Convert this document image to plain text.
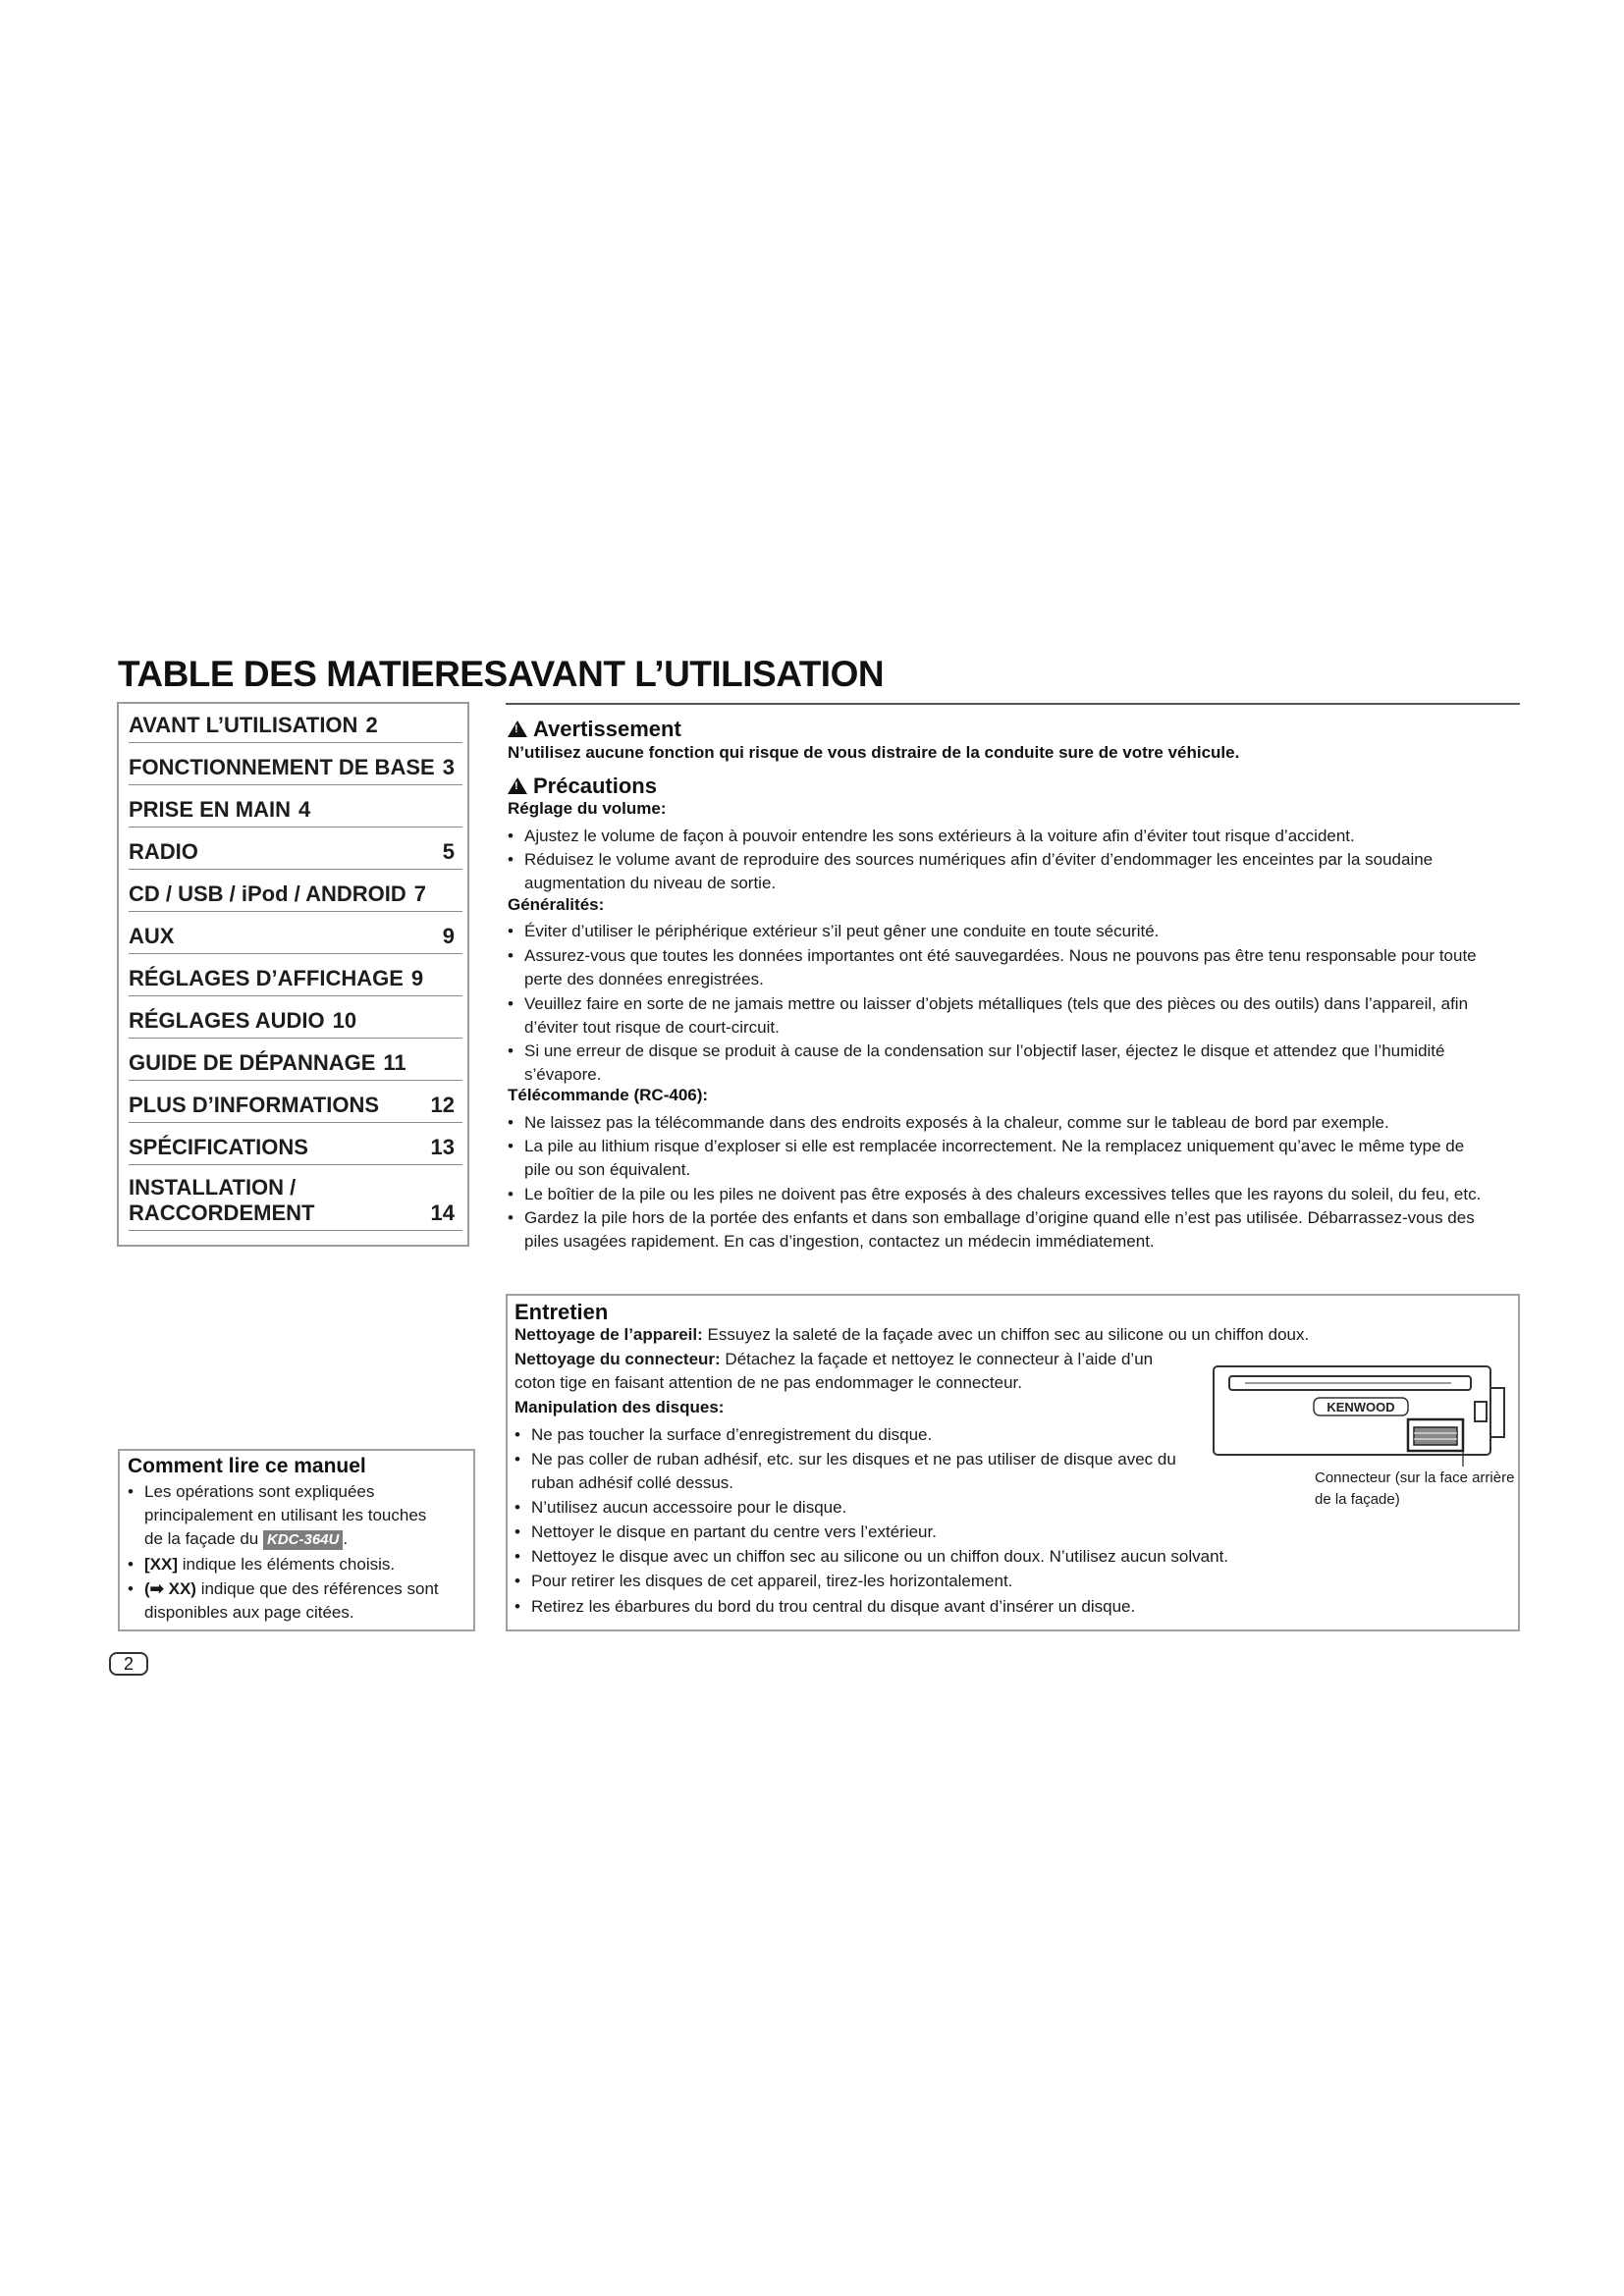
TABLE DES MATIERES
AVANT L’UTILISATION 2
FONCTIONNEMENT DE BASE 3
PRISE EN MAIN 4
RADIO	5
CD / USB / iPod / ANDROID 7
AUX	9
RÉGLAGES D’AFFICHAGE 9
RÉGLAGES AUDIO 10
GUIDE DE DÉPANNAGE 11
PLUS D’INFORMATIONS 12
SPÉCIFICATIONS	13
INSTALLATION /
RACCORDEMENT	14
AVANT L’UTILISATION
!Avertissement
N’utilisez aucune fonction qui risque de vous distraire de la conduite sure de votre véhicule.
!Précautions
Réglage du volume:
• Ajustez le volume de façon à pouvoir entendre les sons extérieurs à la voiture afin d’éviter tout risque d’accident.
• Réduisez le volume avant de reproduire des sources numériques afin d’éviter d’endommager les enceintes par la soudaine
augmentation du niveau de sortie.
Généralités:
• Éviter d’utiliser le périphérique extérieur s’il peut gêner une conduite en toute sécurité.
• Assurez-vous que toutes les données importantes ont été sauvegardées. Nous ne pouvons pas être tenu responsable pour toute
perte des données enregistrées.
• Veuillez faire en sorte de ne jamais mettre ou laisser d’objets métalliques (tels que des pièces ou des outils) dans l’appareil, afin
d’éviter tout risque de court-circuit.
• Si une erreur de disque se produit à cause de la condensation sur l’objectif laser, éjectez le disque et attendez que l’humidité
s’évapore.
Télécommande (RC-406):
• Ne laissez pas la télécommande dans des endroits exposés à la chaleur, comme sur le tableau de bord par exemple.
• La pile au lithium risque d’exploser si elle est remplacée incorrectement. Ne la remplacez uniquement qu’avec le même type de
pile ou son équivalent.
• Le boîtier de la pile ou les piles ne doivent pas être exposés à des chaleurs excessives telles que les rayons du soleil, du feu, etc.
• Gardez la pile hors de la portée des enfants et dans son emballage d’origine quand elle n’est pas utilisée. Débarrassez-vous des
piles usagées rapidement. En cas d’ingestion, contactez un médecin immédiatement.
Entretien
Nettoyage de l’appareil: Essuyez la saleté de la façade avec un chiffon sec au silicone ou un chiffon doux.
Nettoyage du connecteur: Détachez la façade et nettoyez le connecteur à l’aide d’un
coton tige en faisant attention de ne pas endommager le connecteur.
Manipulation des disques:
• Ne pas toucher la surface d’enregistrement du disque.
• Ne pas coller de ruban adhésif, etc. sur les disques et ne pas utiliser de disque avec du
ruban adhésif collé dessus.
• N’utilisez aucun accessoire pour le disque.
• Nettoyer le disque en partant du centre vers l’extérieur.
• Nettoyez le disque avec un chiffon sec au silicone ou un chiffon doux. N’utilisez aucun solvant.
• Pour retirer les disques de cet appareil, tirez-les horizontalement.
• Retirez les ébarbures du bord du trou central du disque avant d’insérer un disque.
KENWOOD
Connecteur (sur la face arrière
de la façade)
Comment lire ce manuel
• Les opérations sont expliquées
principalement en utilisant les touches
de la façade du KDC-364U .
• [XX] indique les éléments choisis.
• (➡ XX) indique que des références sont
disponibles aux page citées.
2
